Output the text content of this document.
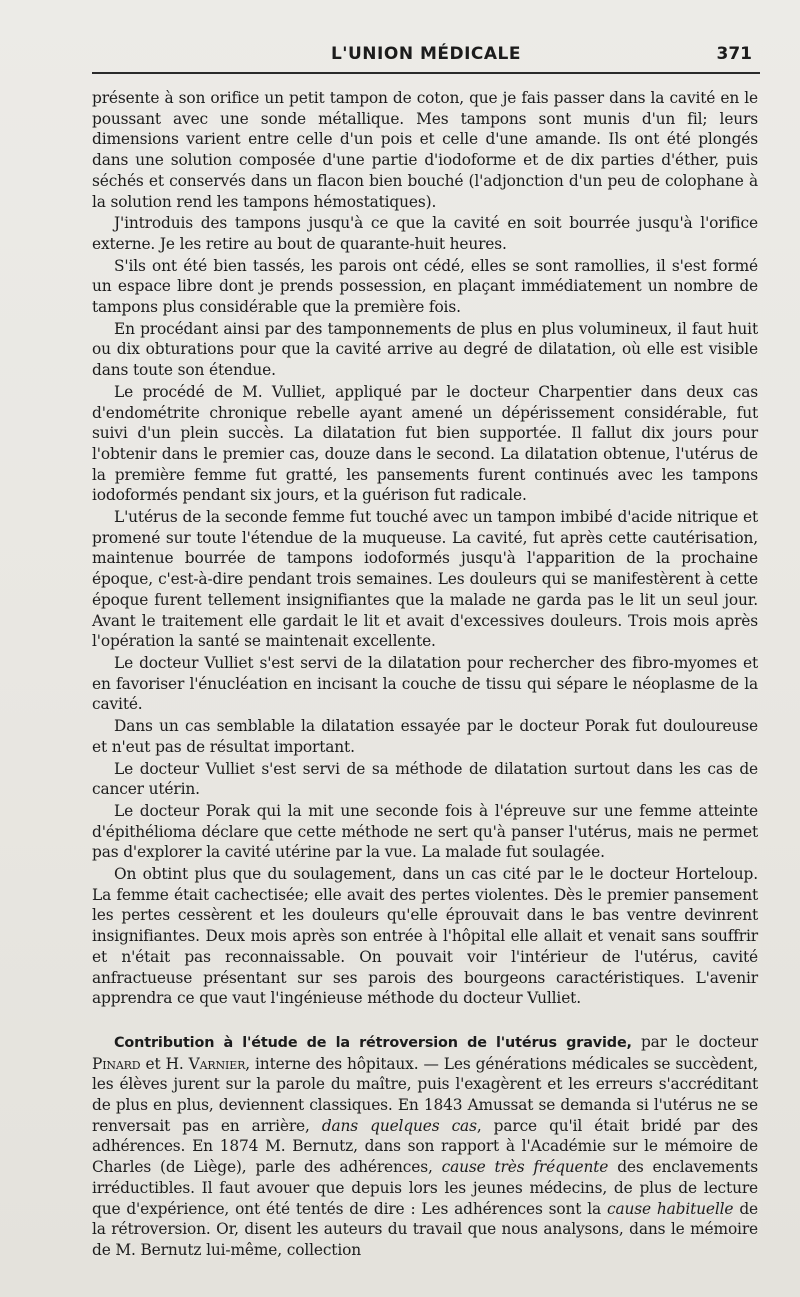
L'UNION MÉDICALE	371

présente à son orifice un petit tampon de coton, que je fais passer dans la cavité en le poussant avec une sonde métallique. Mes tampons sont munis d'un fil; leurs dimensions varient entre celle d'un pois et celle d'une amande. Ils ont été plongés dans une solution composée d'une partie d'iodoforme et de dix parties d'éther, puis séchés et conservés dans un flacon bien bouché (l'adjonction d'un peu de colophane à la solution rend les tampons hémostatiques).

J'introduis des tampons jusqu'à ce que la cavité en soit bourrée jusqu'à l'orifice externe. Je les retire au bout de quarante-huit heures.

S'ils ont été bien tassés, les parois ont cédé, elles se sont ramollies, il s'est formé un espace libre dont je prends possession, en plaçant immédiatement un nombre de tampons plus considérable que la première fois.

En procédant ainsi par des tamponnements de plus en plus volumineux, il faut huit ou dix obturations pour que la cavité arrive au degré de dilatation, où elle est visible dans toute son étendue.

Le procédé de M. Vulliet, appliqué par le docteur Charpentier dans deux cas d'endométrite chronique rebelle ayant amené un dépérissement considérable, fut suivi d'un plein succès. La dilatation fut bien supportée. Il fallut dix jours pour l'obtenir dans le premier cas, douze dans le second. La dilatation obtenue, l'utérus de la première femme fut gratté, les pansements furent continués avec les tampons iodoformés pendant six jours, et la guérison fut radicale.

L'utérus de la seconde femme fut touché avec un tampon imbibé d'acide nitrique et promené sur toute l'étendue de la muqueuse. La cavité, fut après cette cautérisation, maintenue bourrée de tampons iodoformés jusqu'à l'apparition de la prochaine époque, c'est-à-dire pendant trois semaines. Les douleurs qui se manifestèrent à cette époque furent tellement insignifiantes que la malade ne garda pas le lit un seul jour. Avant le traitement elle gardait le lit et avait d'excessives douleurs. Trois mois après l'opération la santé se maintenait excellente.

Le docteur Vulliet s'est servi de la dilatation pour rechercher des fibro-myomes et en favoriser l'énucléation en incisant la couche de tissu qui sépare le néoplasme de la cavité.

Dans un cas semblable la dilatation essayée par le docteur Porak fut douloureuse et n'eut pas de résultat important.

Le docteur Vulliet s'est servi de sa méthode de dilatation surtout dans les cas de cancer utérin.

Le docteur Porak qui la mit une seconde fois à l'épreuve sur une femme atteinte d'épithélioma déclare que cette méthode ne sert qu'à panser l'utérus, mais ne permet pas d'explorer la cavité utérine par la vue. La malade fut soulagée.

On obtint plus que du soulagement, dans un cas cité par le le docteur Horteloup. La femme était cachectisée; elle avait des pertes violentes. Dès le premier pansement les pertes cessèrent et les douleurs qu'elle éprouvait dans le bas ventre devinrent insignifiantes. Deux mois après son entrée à l'hôpital elle allait et venait sans souffrir et n'était pas reconnaissable. On pouvait voir l'intérieur de l'utérus, cavité anfractueuse présentant sur ses parois des bourgeons caractéristiques. L'avenir apprendra ce que vaut l'ingénieuse méthode du docteur Vulliet.

Contribution à l'étude de la rétroversion de l'utérus gravide, par le docteur Pinard et H. Varnier, interne des hôpitaux. — Les générations médicales se succèdent, les élèves jurent sur la parole du maître, puis l'exagèrent et les erreurs s'accréditant de plus en plus, deviennent classiques. En 1843 Amussat se demanda si l'utérus ne se renversait pas en arrière, dans quelques cas, parce qu'il était bridé par des adhérences. En 1874 M. Bernutz, dans son rapport à l'Académie sur le mémoire de Charles (de Liège), parle des adhérences, cause très fréquente des enclavements irréductibles. Il faut avouer que depuis lors les jeunes médecins, de plus de lecture que d'expérience, ont été tentés de dire : Les adhérences sont la cause habituelle de la rétroversion. Or, disent les auteurs du travail que nous analysons, dans le mémoire de M. Bernutz lui-même, collection
